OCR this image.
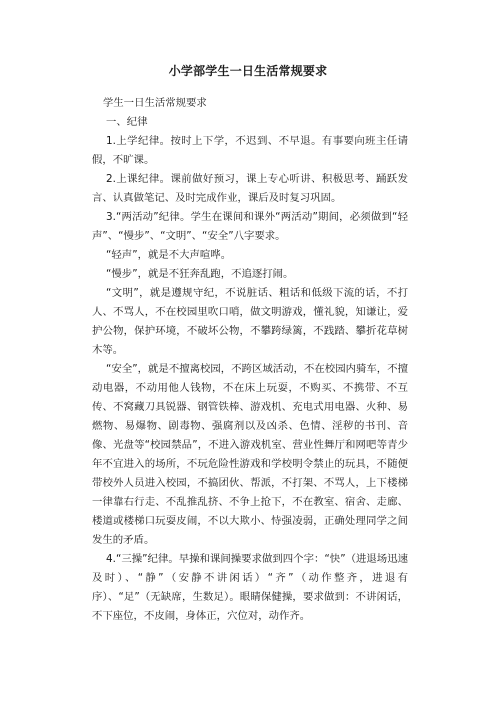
小学部学生一日生活常规要求

学生一日生活常规要求

一、纪律

1.上学纪律。按时上下学，不迟到、不早退。有事要向班主任请假，不旷课。

2.上课纪律。课前做好预习，课上专心听讲、积极思考、踊跃发言、认真做笔记、及时完成作业，课后及时复习巩固。

3.“两活动”纪律。学生在课间和课外“两活动”期间，必须做到“轻声”、“慢步”、“文明”、“安全”八字要求。

“轻声”，就是不大声喧哗。

“慢步”，就是不狂奔乱跑，不追逐打闹。

“文明”，就是遵规守纪，不说脏话、粗话和低级下流的话，不打人、不骂人，不在校园里吹口哨，做文明游戏，懂礼貌，知谦让，爱护公物，保护环境，不破坏公物，不攀跨绿篱，不践踏、攀折花草树木等。

“安全”，就是不擅离校园，不跨区域活动，不在校园内骑车，不擅动电器，不动用他人钱物，不在床上玩耍，不购买、不携带、不互传、不窝藏刀具锐器、钢管铁棒、游戏机、充电式用电器、火种、易燃物、易爆物、剧毒物、强腐剂以及凶杀、色情、淫秽的书刊、音像、光盘等“校园禁品”，不进入游戏机室、营业性舞厅和网吧等青少年不宜进入的场所，不玩危险性游戏和学校明令禁止的玩具，不随便带校外人员进入校园，不搞团伙、帮派，不打架、不骂人，上下楼梯一律靠右行走、不乱推乱挤、不争上抢下，不在教室、宿舍、走廊、楼道或楼梯口玩耍皮闹，不以大欺小、恃强凌弱，正确处理同学之间发生的矛盾。

4.“三操”纪律。早操和课间操要求做到四个字：“快”（进退场迅速及时）、“静”（安静不讲闲话）“齐”（动作整齐，进退有序）、“足”（无缺席，生数足）。眼睛保健操，要求做到：不讲闲话，不下座位，不皮闹，身体正，穴位对，动作齐。
